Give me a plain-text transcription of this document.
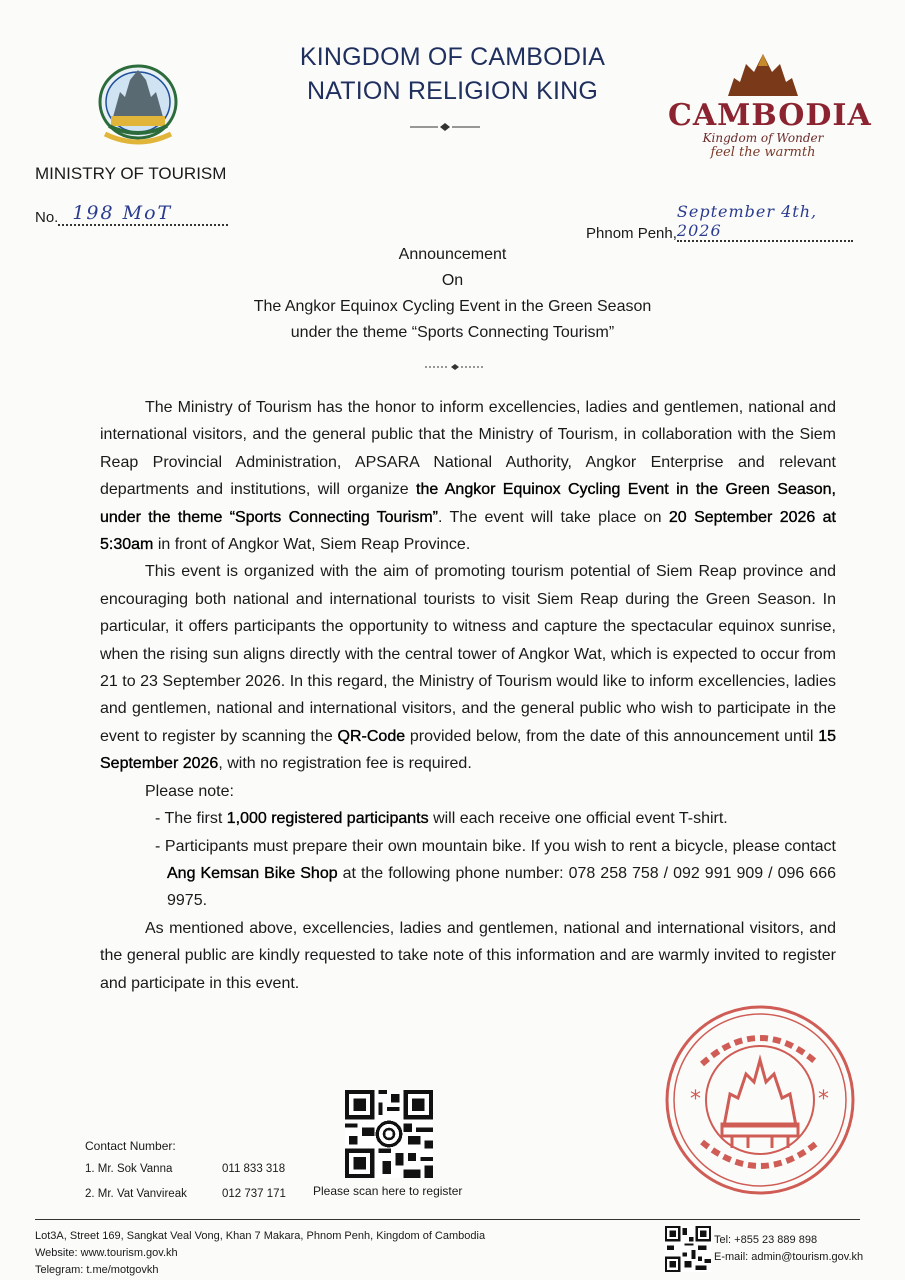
KINGDOM OF CAMBODIA
NATION RELIGION KING
CAMBODIA
Kingdom of Wonder
feel the warmth
MINISTRY OF TOURISM
No. 198 MoT
Phnom Penh,September 4th, 2026
Announcement
On
The Angkor Equinox Cycling Event in the Green Season
under the theme “Sports Connecting Tourism”

The Ministry of Tourism has the honor to inform excellencies, ladies and gentlemen, national and international visitors, and the general public that the Ministry of Tourism, in collaboration with the Siem Reap Provincial Administration, APSARA National Authority, Angkor Enterprise and relevant departments and institutions, will organize the Angkor Equinox Cycling Event in the Green Season, under the theme “Sports Connecting Tourism”. The event will take place on 20 September 2026 at 5:30am in front of Angkor Wat, Siem Reap Province.

This event is organized with the aim of promoting tourism potential of Siem Reap province and encouraging both national and international tourists to visit Siem Reap during the Green Season. In particular, it offers participants the opportunity to witness and capture the spectacular equinox sunrise, when the rising sun aligns directly with the central tower of Angkor Wat, which is expected to occur from 21 to 23 September 2026. In this regard, the Ministry of Tourism would like to inform excellencies, ladies and gentlemen, national and international visitors, and the general public who wish to participate in the event to register by scanning the QR-Code provided below, from the date of this announcement until 15 September 2026, with no registration fee is required.

Please note:

- The first 1,000 registered participants will each receive one official event T-shirt.
- Participants must prepare their own mountain bike. If you wish to rent a bicycle, please contact Ang Kemsan Bike Shop at the following phone number: 078 258 758 / 092 991 909 / 096 666 9975.

As mentioned above, excellencies, ladies and gentlemen, national and international visitors, and the general public are kindly requested to take note of this information and are warmly invited to register and participate in this event.

*	*
Contact Number:
1. Mr. Sok Vanna	011 833 318
2. Mr. Vat Vanvireak	012 737 171 Please scan here to register
Lot3A, Street 169, Sangkat Veal Vong, Khan 7 Makara, Phnom Penh, Kingdom of Cambodia
Website: www.tourism.gov.kh
Telegram: t.me/motgovkh
Tel: +855 23 889 898
E-mail: admin@tourism.gov.kh
